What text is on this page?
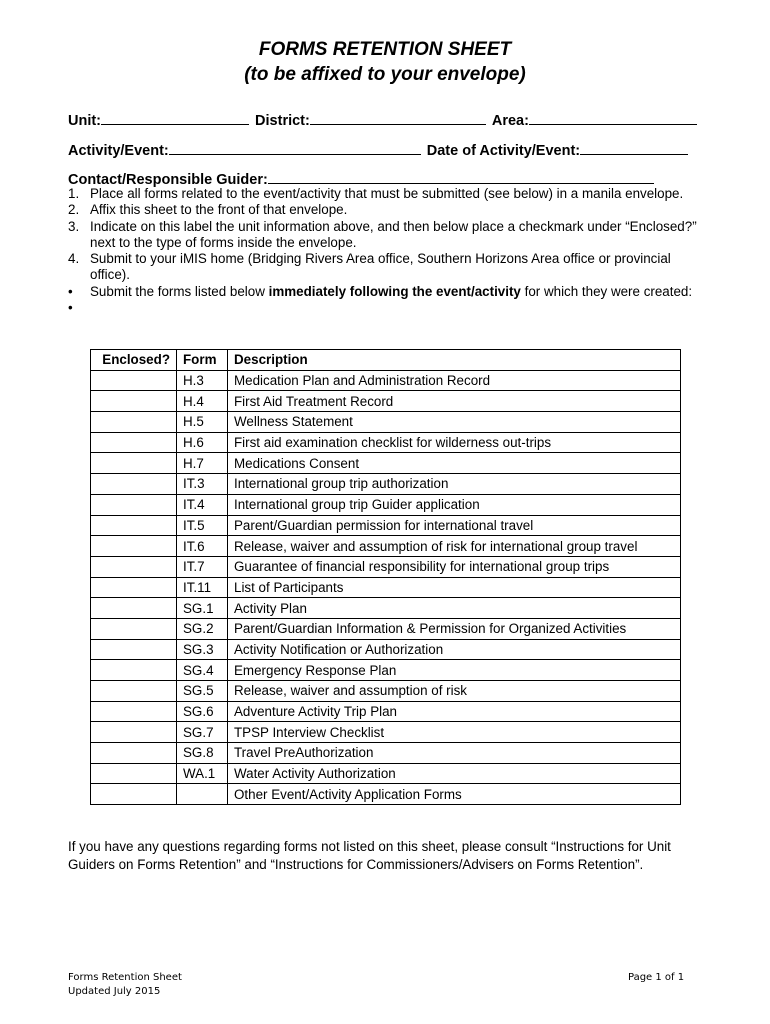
FORMS RETENTION SHEET
(to be affixed to your envelope)
Unit:	District:	Area:
Activity/Event:	Date of Activity/Event:
Contact/Responsible Guider:
1. Place all forms related to the event/activity that must be submitted (see below) in a manila envelope.
2. Affix this sheet to the front of that envelope.
3. Indicate on this label the unit information above, and then below place a checkmark under “Enclosed?” next to the type of forms inside the envelope.
4. Submit to your iMIS home (Bridging Rivers Area office, Southern Horizons Area office or provincial office).
• Submit the forms listed below immediately following the event/activity for which they were created:
•
Enclosed?	Form	Description
	H.3	Medication Plan and Administration Record
	H.4	First Aid Treatment Record
	H.5	Wellness Statement
	H.6	First aid examination checklist for wilderness out-trips
	H.7	Medications Consent
	IT.3	International group trip authorization
	IT.4	International group trip Guider application
	IT.5	Parent/Guardian permission for international travel
	IT.6	Release, waiver and assumption of risk for international group travel
	IT.7	Guarantee of financial responsibility for international group trips
	IT.11	List of Participants
	SG.1	Activity Plan
	SG.2	Parent/Guardian Information & Permission for Organized Activities
	SG.3	Activity Notification or Authorization
	SG.4	Emergency Response Plan
	SG.5	Release, waiver and assumption of risk
	SG.6	Adventure Activity Trip Plan
	SG.7	TPSP Interview Checklist
	SG.8	Travel PreAuthorization
	WA.1	Water Activity Authorization
		Other Event/Activity Application Forms
If you have any questions regarding forms not listed on this sheet, please consult “Instructions for Unit Guiders on Forms Retention” and “Instructions for Commissioners/Advisers on Forms Retention”.
Forms Retention Sheet
Updated July 2015
Page 1 of 1
